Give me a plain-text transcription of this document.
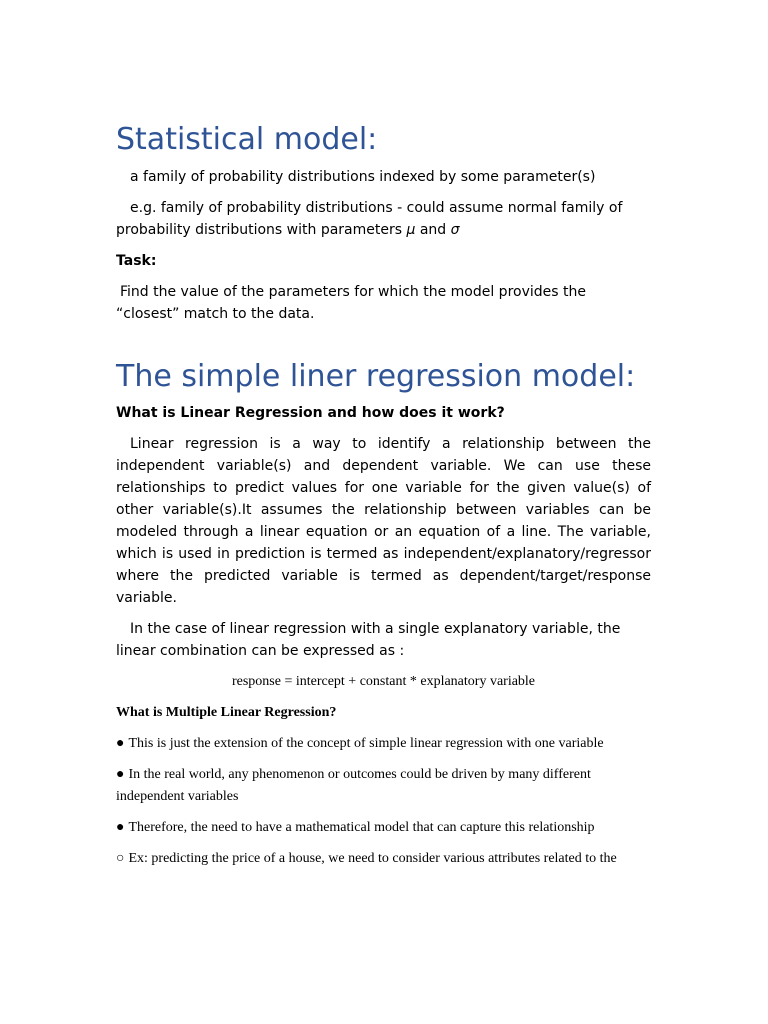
Statistical model:

a family of probability distributions indexed by some parameter(s)

e.g. family of probability distributions - could assume normal family of probability distributions with parameters μ and σ

Task:

Find the value of the parameters for which the model provides the “closest” match to the data.

The simple liner regression model:

What is Linear Regression and how does it work?

Linear regression is a way to identify a relationship between the independent variable(s) and dependent variable. We can use these relationships to predict values for one variable for the given value(s) of other variable(s).It assumes the relationship between variables can be modeled through a linear equation or an equation of a line. The variable, which is used in prediction is termed as independent/explanatory/regressor where the predicted variable is termed as dependent/target/response variable.

In the case of linear regression with a single explanatory variable, the linear combination can be expressed as :

response = intercept + constant * explanatory variable

What is Multiple Linear Regression?

● This is just the extension of the concept of simple linear regression with one variable

● In the real world, any phenomenon or outcomes could be driven by many different independent variables

● Therefore, the need to have a mathematical model that can capture this relationship

○ Ex: predicting the price of a house, we need to consider various attributes related to the
